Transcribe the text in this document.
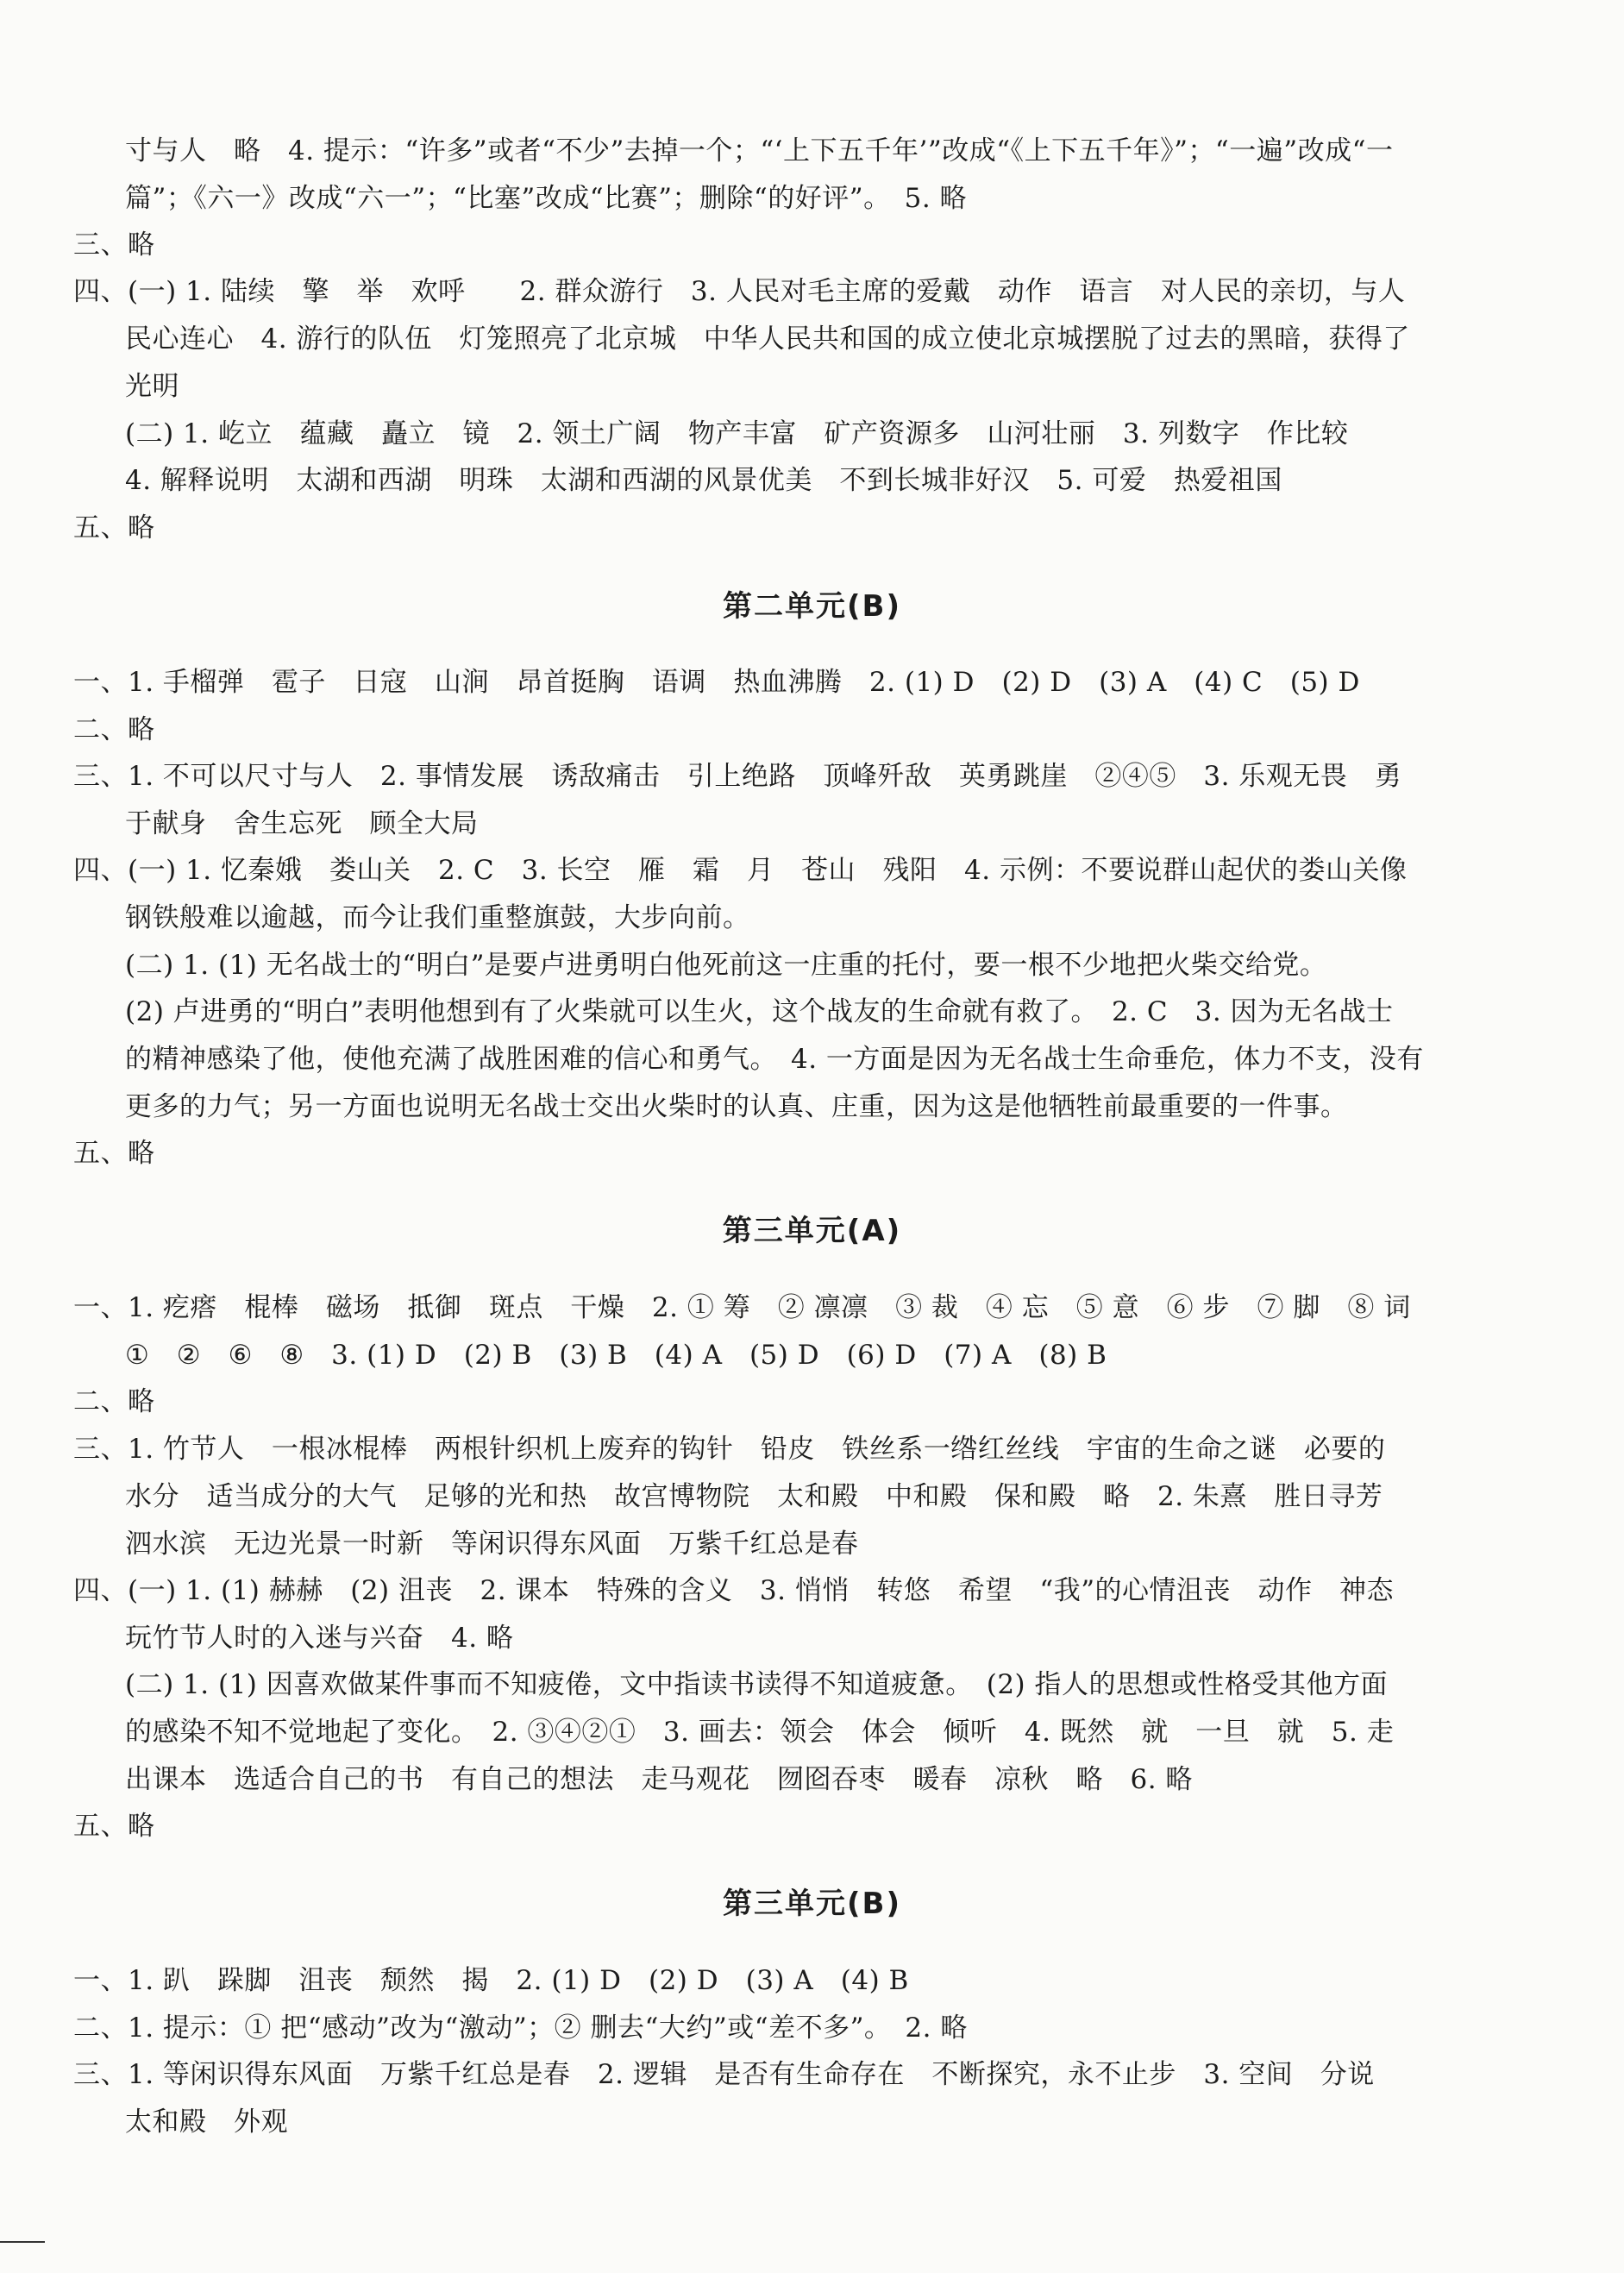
寸与人　略　4. 提示：“许多”或者“不少”去掉一个；“‘上下五千年’”改成“《上下五千年》”；“一遍”改成“一
篇”；《六一》改成“六一”；“比塞”改成“比赛”；删除“的好评”。　5. 略
三、略
四、(一) 1. 陆续　擎　举　欢呼　　2. 群众游行　3. 人民对毛主席的爱戴　动作　语言　对人民的亲切，与人
民心连心　4. 游行的队伍　灯笼照亮了北京城　中华人民共和国的成立使北京城摆脱了过去的黑暗，获得了
光明
(二) 1. 屹立　蕴藏　矗立　镜　2. 领土广阔　物产丰富　矿产资源多　山河壮丽　3. 列数字　作比较
4. 解释说明　太湖和西湖　明珠　太湖和西湖的风景优美　不到长城非好汉　5. 可爱　热爱祖国
五、略
第二单元(B)
一、1. 手榴弹　雹子　日寇　山涧　昂首挺胸　语调　热血沸腾　2. (1) D　(2) D　(3) A　(4) C　(5) D
二、略
三、1. 不可以尺寸与人　2. 事情发展　诱敌痛击　引上绝路　顶峰歼敌　英勇跳崖　②④⑤　3. 乐观无畏　勇
于献身　舍生忘死　顾全大局
四、(一) 1. 忆秦娥　娄山关　2. C　3. 长空　雁　霜　月　苍山　残阳　4. 示例：不要说群山起伏的娄山关像
钢铁般难以逾越，而今让我们重整旗鼓，大步向前。
(二) 1. (1) 无名战士的“明白”是要卢进勇明白他死前这一庄重的托付，要一根不少地把火柴交给党。
(2) 卢进勇的“明白”表明他想到有了火柴就可以生火，这个战友的生命就有救了。　2. C　3. 因为无名战士
的精神感染了他，使他充满了战胜困难的信心和勇气。　4. 一方面是因为无名战士生命垂危，体力不支，没有
更多的力气；另一方面也说明无名战士交出火柴时的认真、庄重，因为这是他牺牲前最重要的一件事。
五、略
第三单元(A)
一、1. 疙瘩　棍棒　磁场　抵御　斑点　干燥　2. ① 筹　② 凛凛　③ 裁　④ 忘　⑤ 意　⑥ 步　⑦ 脚　⑧ 词
①　②　⑥　⑧　3. (1) D　(2) B　(3) B　(4) A　(5) D　(6) D　(7) A　(8) B
二、略
三、1. 竹节人　一根冰棍棒　两根针织机上废弃的钩针　铅皮　铁丝系一绺红丝线　宇宙的生命之谜　必要的
水分　适当成分的大气　足够的光和热　故宫博物院　太和殿　中和殿　保和殿　略　2. 朱熹　胜日寻芳
泗水滨　无边光景一时新　等闲识得东风面　万紫千红总是春
四、(一) 1. (1) 赫赫　(2) 沮丧　2. 课本　特殊的含义　3. 悄悄　转悠　希望　“我”的心情沮丧　动作　神态
玩竹节人时的入迷与兴奋　4. 略
(二) 1. (1) 因喜欢做某件事而不知疲倦，文中指读书读得不知道疲惫。　(2) 指人的思想或性格受其他方面
的感染不知不觉地起了变化。　2. ③④②①　3. 画去：领会　体会　倾听　4. 既然　就　一旦　就　5. 走
出课本　选适合自己的书　有自己的想法　走马观花　囫囵吞枣　暖春　凉秋　略　6. 略
五、略
第三单元(B)
一、1. 趴　跺脚　沮丧　颓然　揭　2. (1) D　(2) D　(3) A　(4) B
二、1. 提示：① 把“感动”改为“激动”；② 删去“大约”或“差不多”。　2. 略
三、1. 等闲识得东风面　万紫千红总是春　2. 逻辑　是否有生命存在　不断探究，永不止步　3. 空间　分说
太和殿　外观
